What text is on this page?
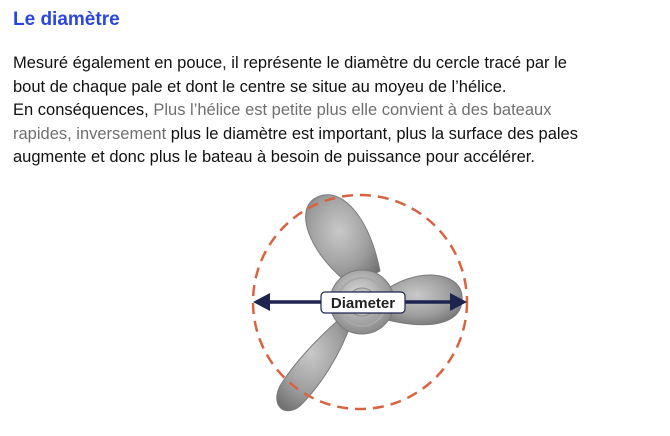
Le diamètre
Mesuré également en pouce, il représente le diamètre du cercle tracé par le
bout de chaque pale et dont le centre se situe au moyeu de l’hélice.
En conséquences, Plus l’hélice est petite plus elle convient à des bateaux
rapides, inversement plus le diamètre est important, plus la surface des pales
augmente et donc plus le bateau à besoin de puissance pour accélérer.
Diameter
